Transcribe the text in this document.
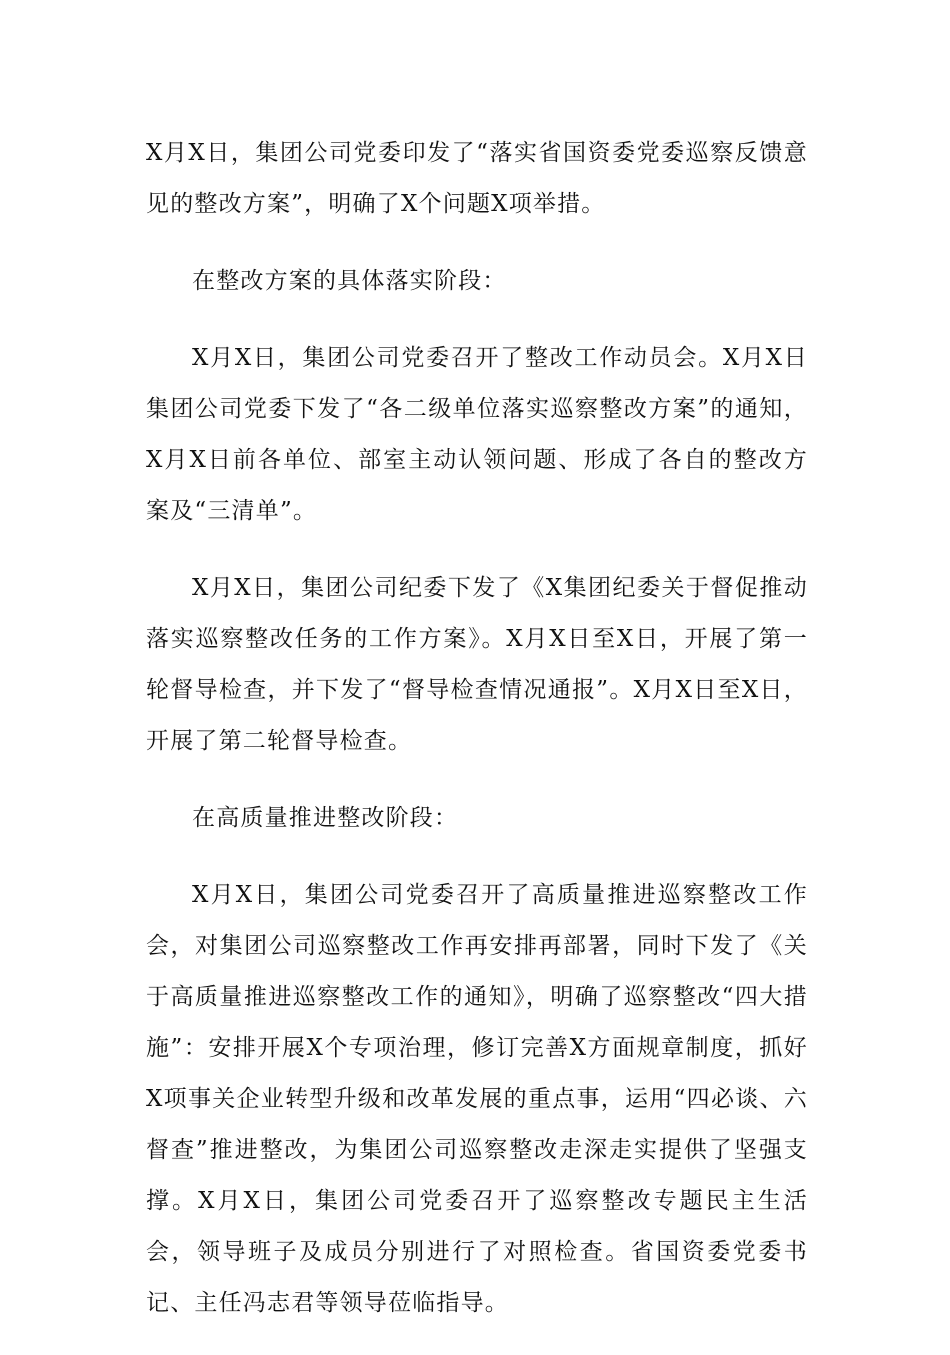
X月X日，集团公司党委印发了“落实省国资委党委巡察反馈意见的整改方案”，明确了X个问题X项举措。

在整改方案的具体落实阶段：

X月X日，集团公司党委召开了整改工作动员会。X月X日集团公司党委下发了“各二级单位落实巡察整改方案”的通知，X月X日前各单位、部室主动认领问题、形成了各自的整改方案及“三清单”。

X月X日，集团公司纪委下发了《X集团纪委关于督促推动落实巡察整改任务的工作方案》。X月X日至X日，开展了第一轮督导检查，并下发了“督导检查情况通报”。X月X日至X日，开展了第二轮督导检查。

在高质量推进整改阶段：

X月X日，集团公司党委召开了高质量推进巡察整改工作会，对集团公司巡察整改工作再安排再部署，同时下发了《关于高质量推进巡察整改工作的通知》，明确了巡察整改“四大措施”：安排开展X个专项治理，修订完善X方面规章制度，抓好X项事关企业转型升级和改革发展的重点事，运用“四必谈、六督查”推进整改，为集团公司巡察整改走深走实提供了坚强支撑。X月X日，集团公司党委召开了巡察整改专题民主生活会，领导班子及成员分别进行了对照检查。省国资委党委书记、主任冯志君等领导莅临指导。
